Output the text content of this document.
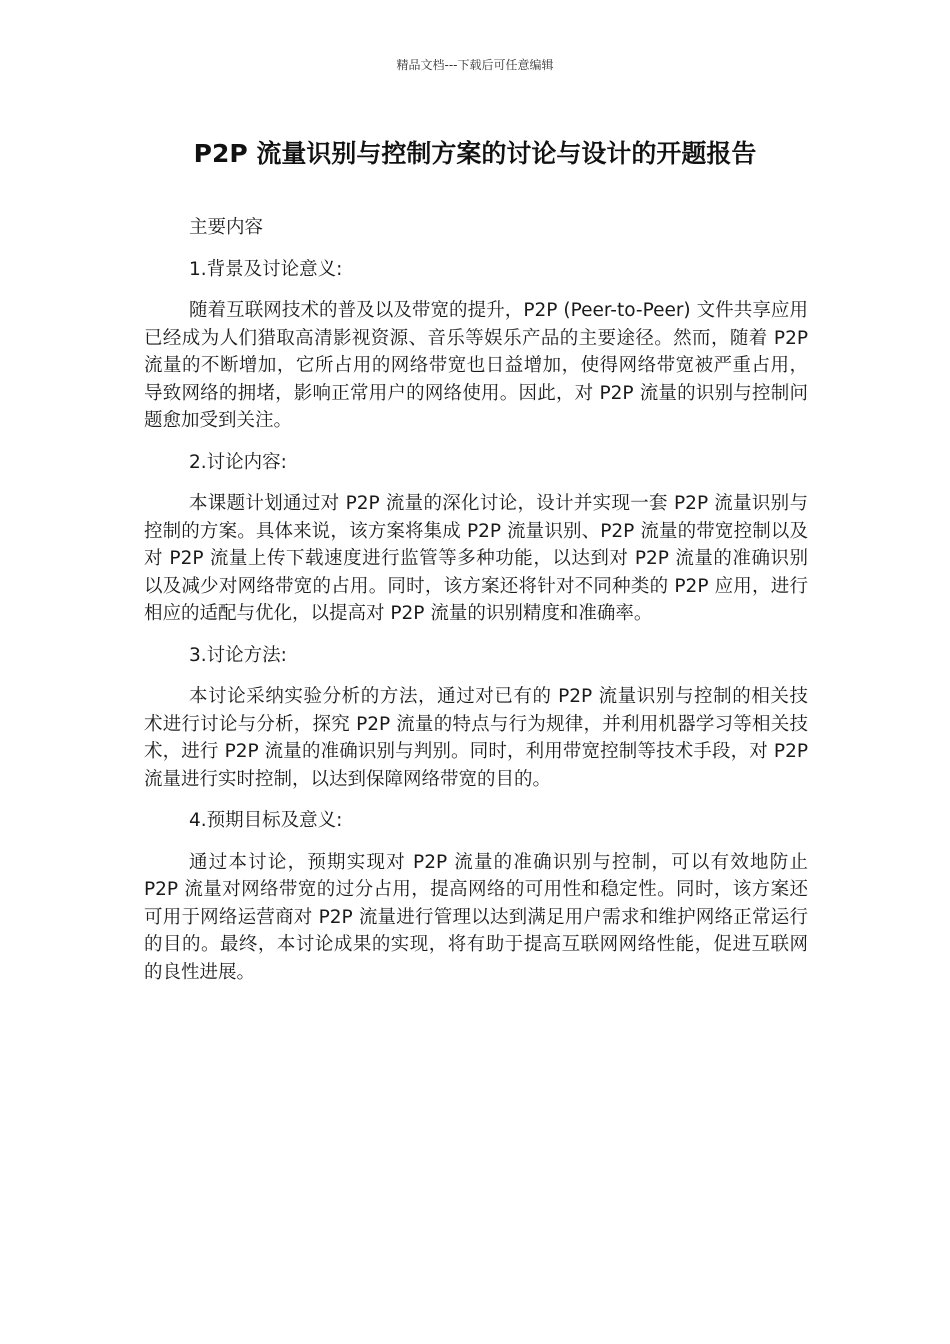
精品文档---下载后可任意编辑
P2P 流量识别与控制方案的讨论与设计的开题报告

主要内容

1.背景及讨论意义:

随着互联网技术的普及以及带宽的提升，P2P (Peer-to-Peer) 文件共享应用已经成为人们猎取高清影视资源、音乐等娱乐产品的主要途径。然而，随着 P2P 流量的不断增加，它所占用的网络带宽也日益增加，使得网络带宽被严重占用，导致网络的拥堵，影响正常用户的网络使用。因此，对 P2P 流量的识别与控制问题愈加受到关注。

2.讨论内容:

本课题计划通过对 P2P 流量的深化讨论，设计并实现一套 P2P 流量识别与控制的方案。具体来说，该方案将集成 P2P 流量识别、P2P 流量的带宽控制以及对 P2P 流量上传下载速度进行监管等多种功能，以达到对 P2P 流量的准确识别以及减少对网络带宽的占用。同时，该方案还将针对不同种类的 P2P 应用，进行相应的适配与优化，以提高对 P2P 流量的识别精度和准确率。

3.讨论方法:

本讨论采纳实验分析的方法，通过对已有的 P2P 流量识别与控制的相关技术进行讨论与分析，探究 P2P 流量的特点与行为规律，并利用机器学习等相关技术，进行 P2P 流量的准确识别与判别。同时，利用带宽控制等技术手段，对 P2P 流量进行实时控制，以达到保障网络带宽的目的。

4.预期目标及意义:

通过本讨论，预期实现对 P2P 流量的准确识别与控制，可以有效地防止 P2P 流量对网络带宽的过分占用，提高网络的可用性和稳定性。同时，该方案还可用于网络运营商对 P2P 流量进行管理以达到满足用户需求和维护网络正常运行的目的。最终，本讨论成果的实现，将有助于提高互联网网络性能，促进互联网的良性进展。
